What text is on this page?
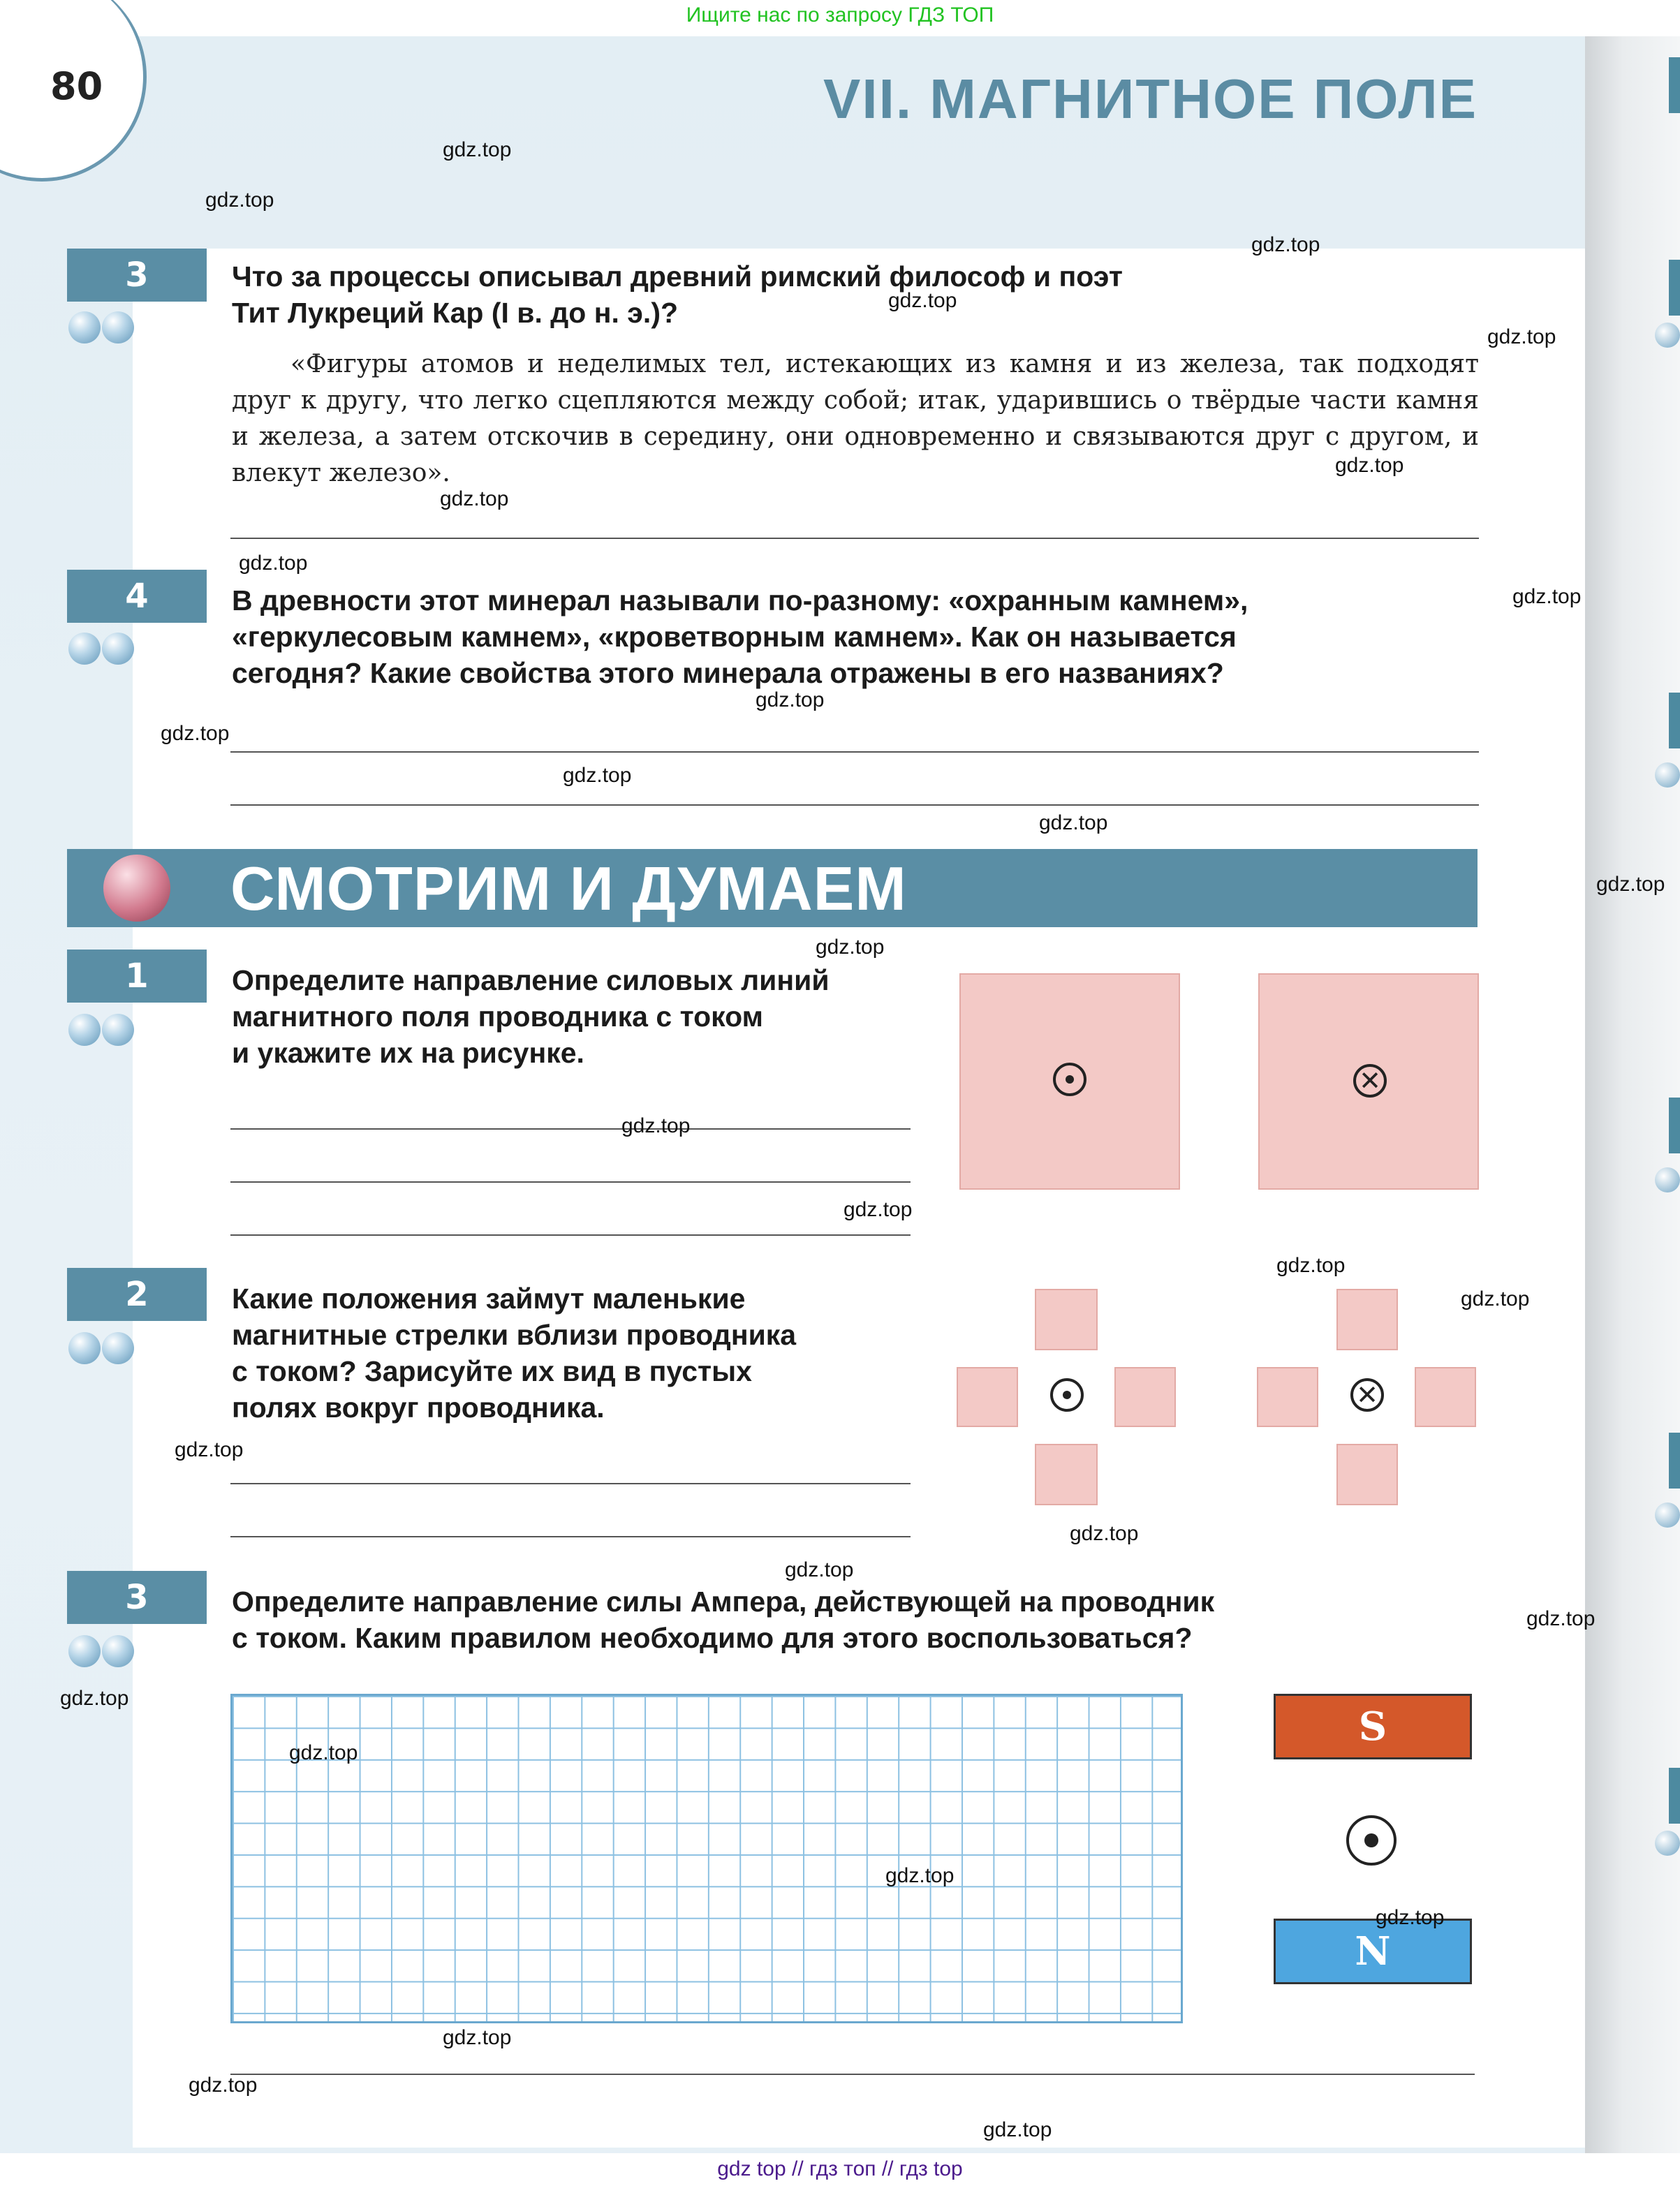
Ищите нас по запросу ГДЗ ТОП
80	VII. МАГНИТНОЕ ПОЛЕ
3	Что за процессы описывал древний римский философ и поэт
Тит Лукреций Кар (I в. до н. э.)?
«Фигуры атомов и неделимых тел, истекающих из камня и из железа, так подходят друг к другу, что легко сцепляются между собой; итак, ударившись о твёрдые части камня и железа, а затем отскочив в середину, они одновременно и связываются друг с другом, и влекут железо».
4	В древности этот минерал называли по-разному: «охранным камнем»,
«геркулесовым камнем», «кроветворным камнем». Как он называется
сегодня? Какие свойства этого минерала отражены в его названиях?
СМОТРИМ И ДУМАЕМ
1	Определите направление силовых линий
магнитного поля проводника с током
и укажите их на рисунке.
✕
2	Какие положения займут маленькие
магнитные стрелки вблизи проводника
с током? Зарисуйте их вид в пустых
полях вокруг проводника.	✕
3	Определите направление силы Ампера, действующей на проводник
с током. Каким правилом необходимо для этого воспользоваться?
S
N
gdz top // гдз топ // гдз top
gdz.top
gdz.top
gdz.top
gdz.top
gdz.top
gdz.top
gdz.top
gdz.top
gdz.top
gdz.top
gdz.top
gdz.top
gdz.top
gdz.top
gdz.top
gdz.top
gdz.top
gdz.top
gdz.top
gdz.top
gdz.top
gdz.top
gdz.top
gdz.top
gdz.top
gdz.top
gdz.top
gdz.top
gdz.top
gdz.top
